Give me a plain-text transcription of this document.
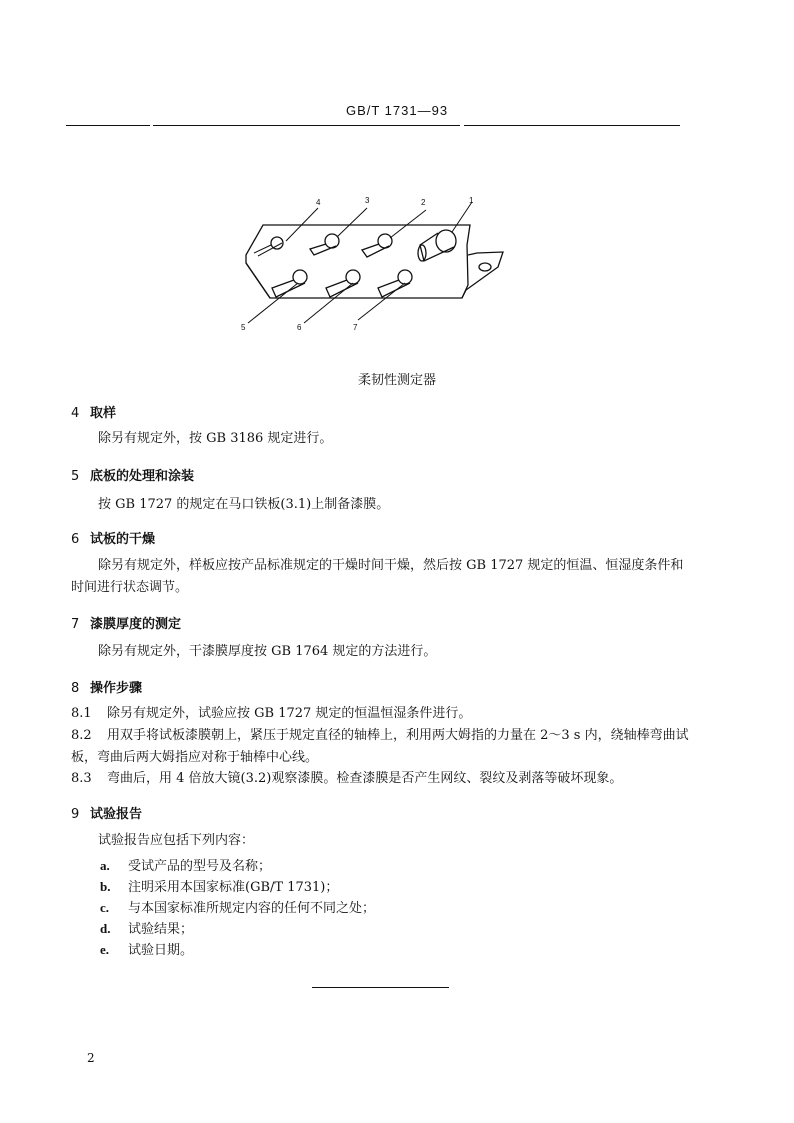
GB/T 1731—93
1
2
3
4
5	6	7
柔韧性测定器
4 取样
除另有规定外，按 GB 3186 规定进行。
5 底板的处理和涂装
按 GB 1727 的规定在马口铁板(3.1)上制备漆膜。
6 试板的干燥
除另有规定外，样板应按产品标准规定的干燥时间干燥，然后按 GB 1727 规定的恒温、恒湿度条件和时间进行状态调节。
7 漆膜厚度的测定
除另有规定外，干漆膜厚度按 GB 1764 规定的方法进行。
8 操作步骤
8.1 除另有规定外，试验应按 GB 1727 规定的恒温恒湿条件进行。
8.2 用双手将试板漆膜朝上，紧压于规定直径的轴棒上，利用两大姆指的力量在 2～3 s 内，绕轴棒弯曲试板，弯曲后两大姆指应对称于轴棒中心线。
8.3 弯曲后，用 4 倍放大镜(3.2)观察漆膜。检查漆膜是否产生网纹、裂纹及剥落等破坏现象。
9 试验报告
试验报告应包括下列内容：
a. 受试产品的型号及名称；
b. 注明采用本国家标准(GB/T 1731)；
c. 与本国家标准所规定内容的任何不同之处；
d. 试验结果；
e. 试验日期。
2
